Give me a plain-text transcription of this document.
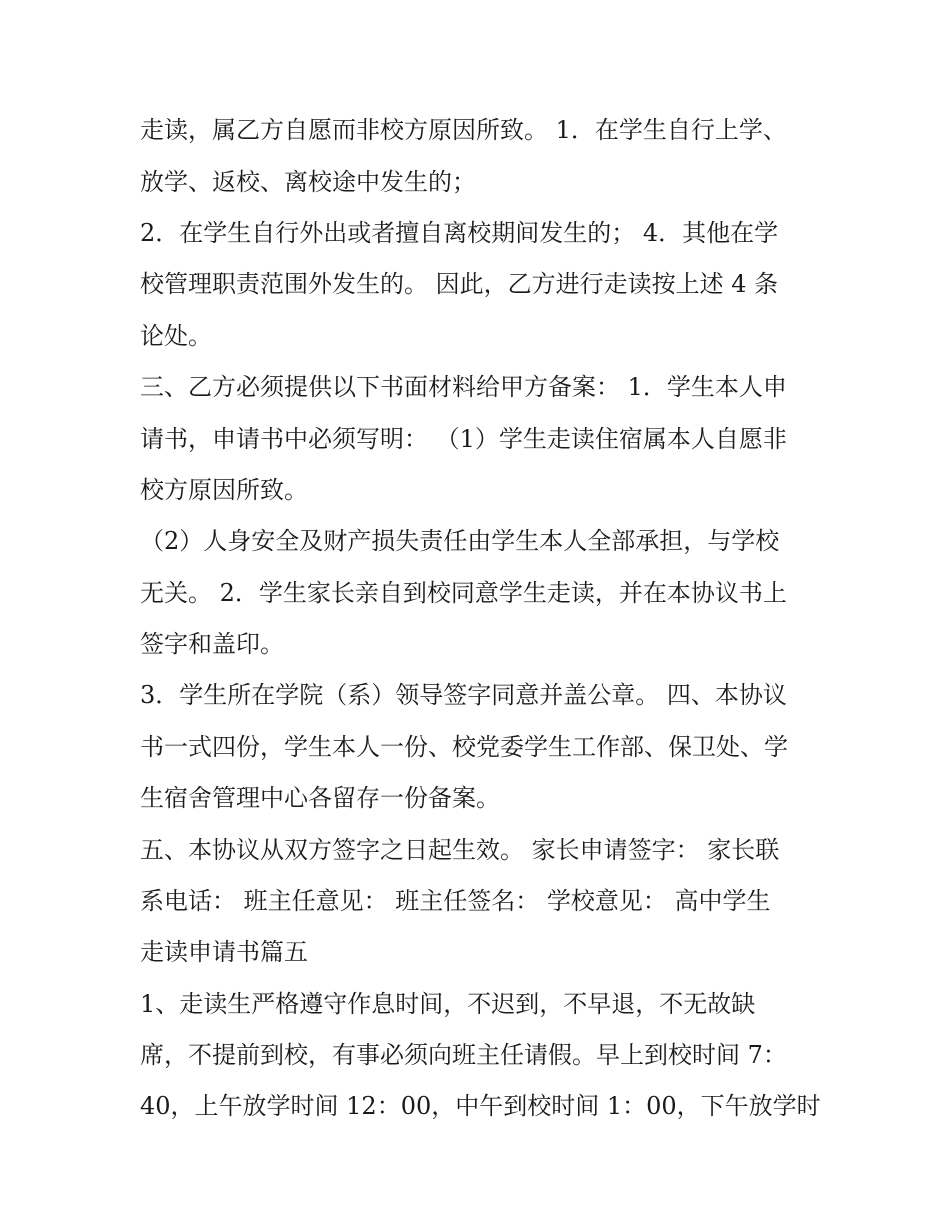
走读，属乙方自愿而非校方原因所致。 1．在学生自行上学、

放学、返校、离校途中发生的；

2．在学生自行外出或者擅自离校期间发生的； 4．其他在学

校管理职责范围外发生的。 因此，乙方进行走读按上述 4 条

论处。

三、乙方必须提供以下书面材料给甲方备案： 1．学生本人申

请书，申请书中必须写明： （1）学生走读住宿属本人自愿非

校方原因所致。

（2）人身安全及财产损失责任由学生本人全部承担，与学校

无关。 2．学生家长亲自到校同意学生走读，并在本协议书上

签字和盖印。

3．学生所在学院（系）领导签字同意并盖公章。 四、本协议

书一式四份，学生本人一份、校党委学生工作部、保卫处、学

生宿舍管理中心各留存一份备案。

五、本协议从双方签字之日起生效。 家长申请签字： 家长联

系电话： 班主任意见： 班主任签名： 学校意见： 高中学生

走读申请书篇五

1、走读生严格遵守作息时间，不迟到，不早退，不无故缺

席，不提前到校，有事必须向班主任请假。早上到校时间 7：

40，上午放学时间 12：00，中午到校时间 1：00，下午放学时
